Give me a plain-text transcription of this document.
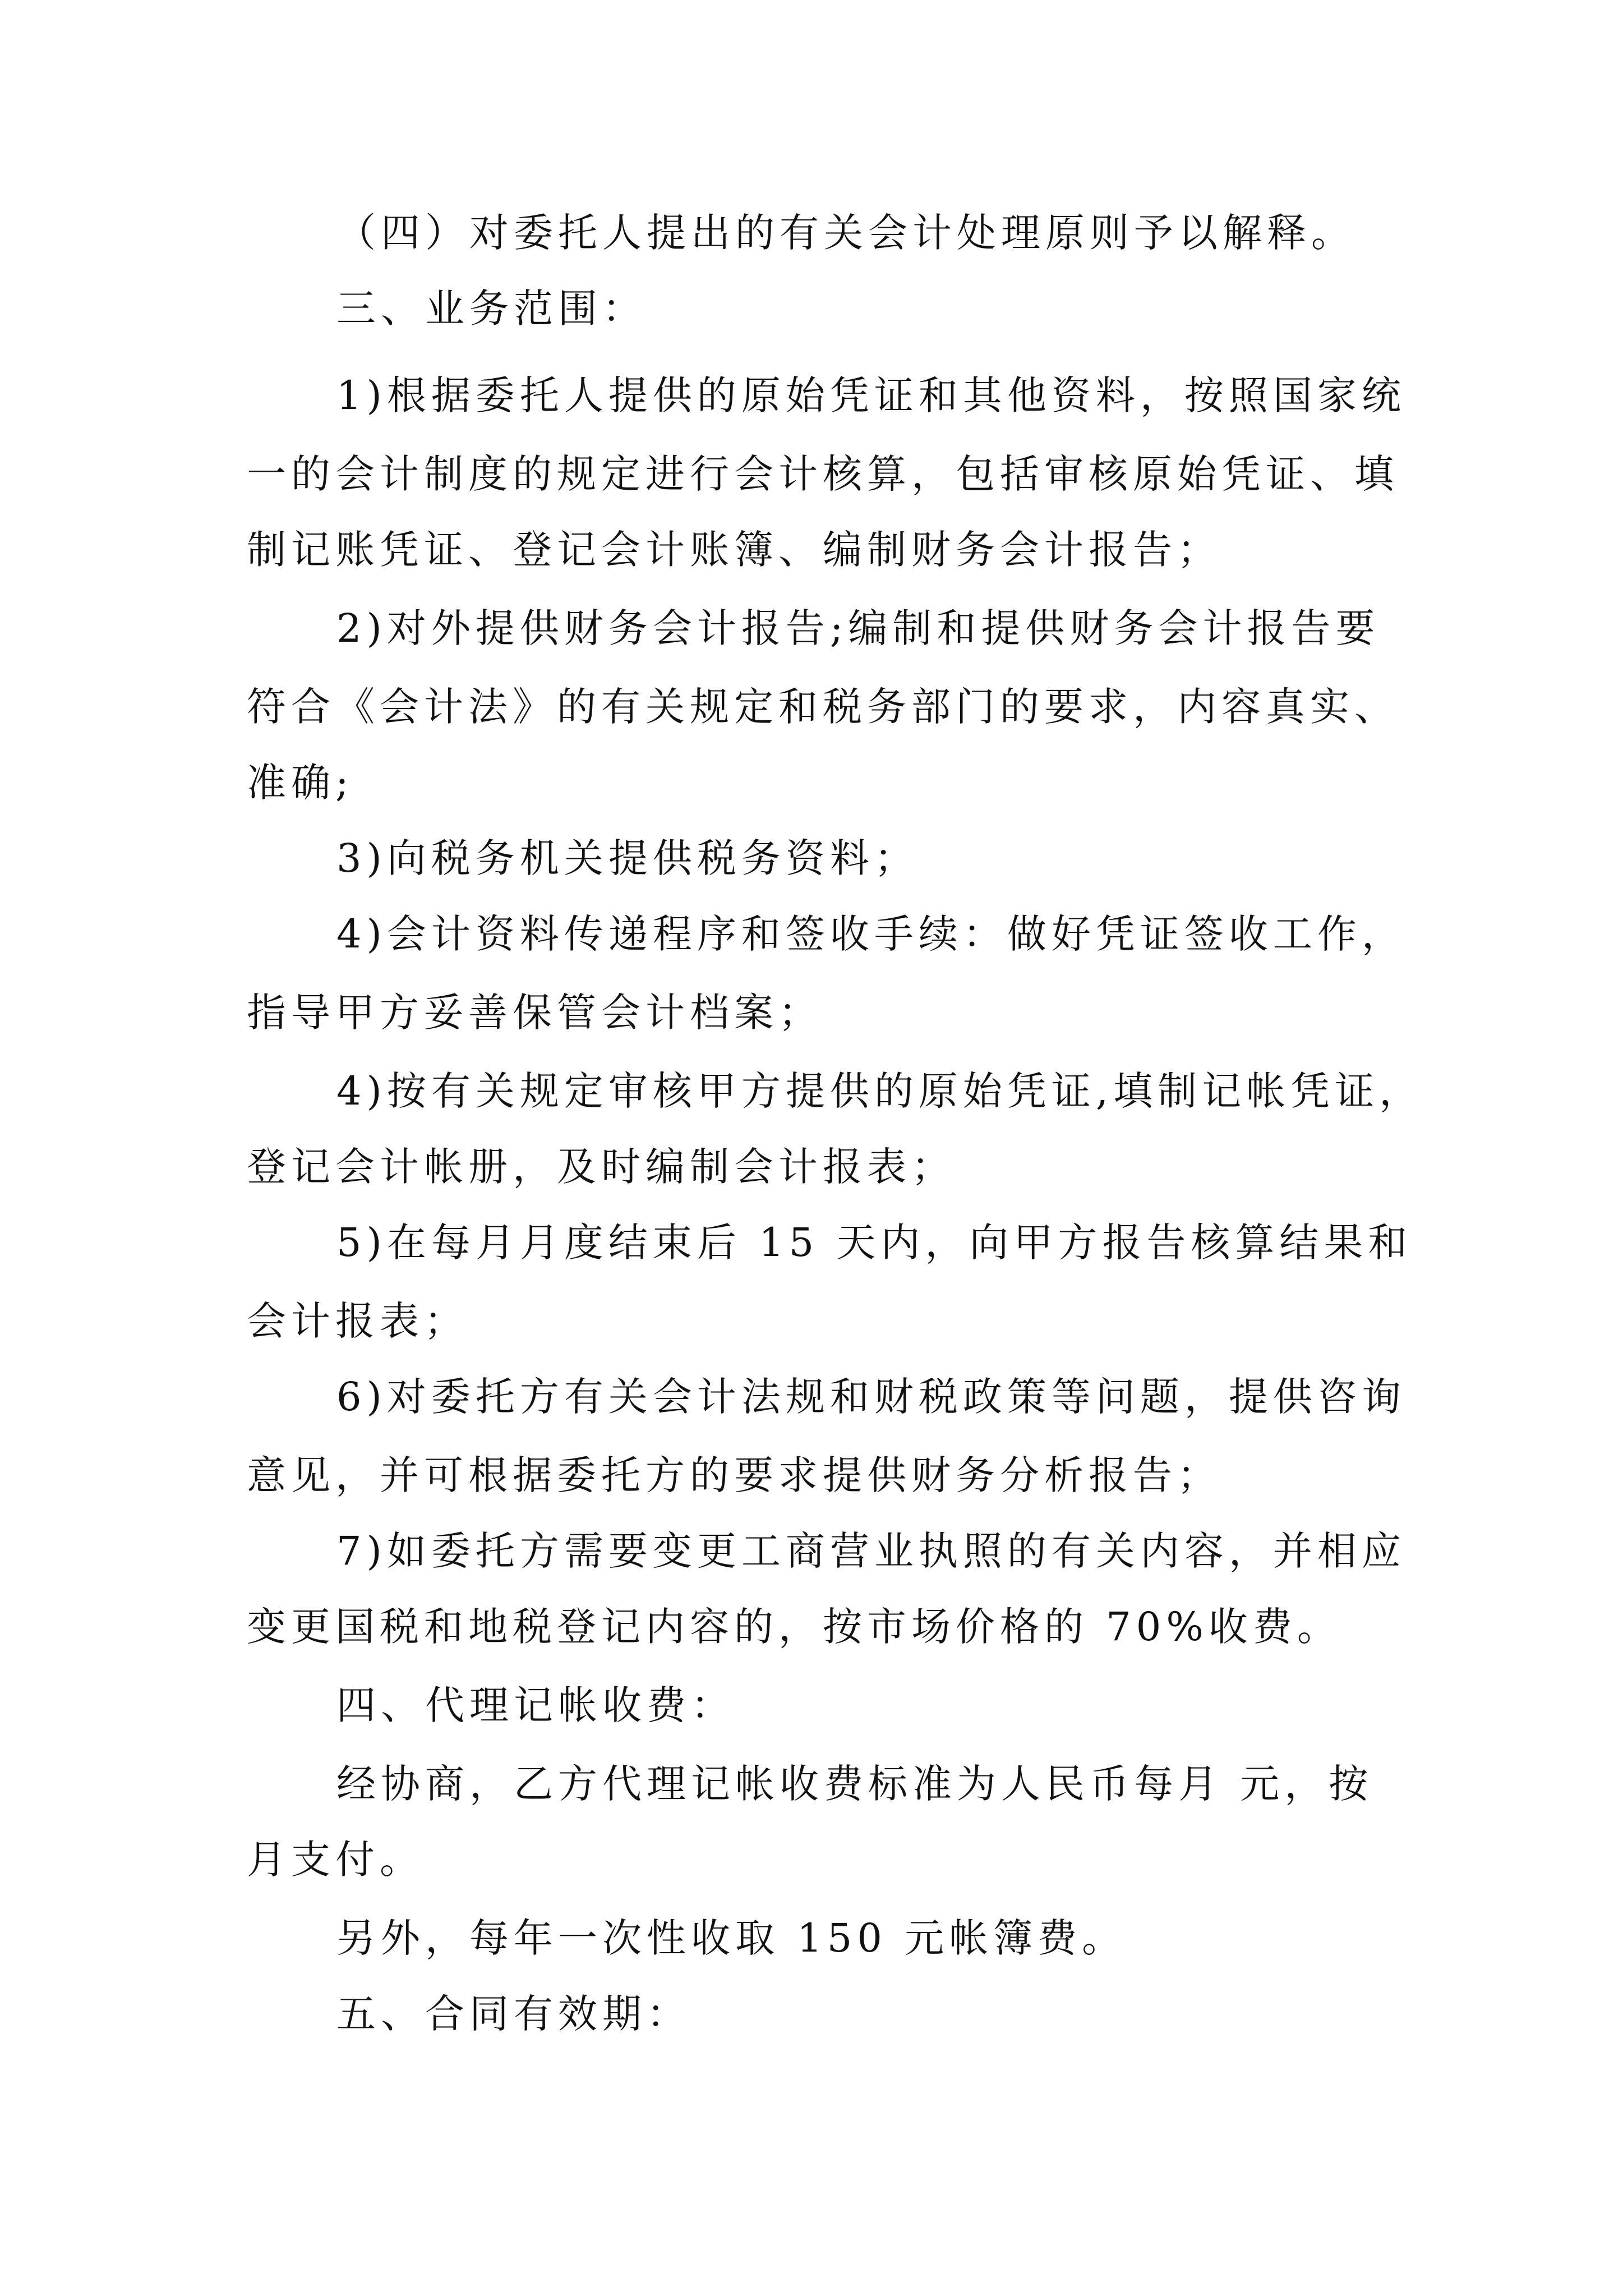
（四）对委托人提出的有关会计处理原则予以解释。
三、业务范围：
1)根据委托人提供的原始凭证和其他资料，按照国家统
一的会计制度的规定进行会计核算，包括审核原始凭证、填
制记账凭证、登记会计账簿、编制财务会计报告；
2)对外提供财务会计报告;编制和提供财务会计报告要
符合《会计法》的有关规定和税务部门的要求，内容真实、
准确;
3)向税务机关提供税务资料；
4)会计资料传递程序和签收手续：做好凭证签收工作，
指导甲方妥善保管会计档案；
4)按有关规定审核甲方提供的原始凭证,填制记帐凭证，
登记会计帐册，及时编制会计报表；
5)在每月月度结束后 15 天内，向甲方报告核算结果和
会计报表；
6)对委托方有关会计法规和财税政策等问题，提供咨询
意见，并可根据委托方的要求提供财务分析报告；
7)如委托方需要变更工商营业执照的有关内容，并相应
变更国税和地税登记内容的，按市场价格的 70%收费。
四、代理记帐收费：
经协商，乙方代理记帐收费标准为人民币每月 元，按
月支付。
另外，每年一次性收取 150 元帐簿费。
五、合同有效期：
